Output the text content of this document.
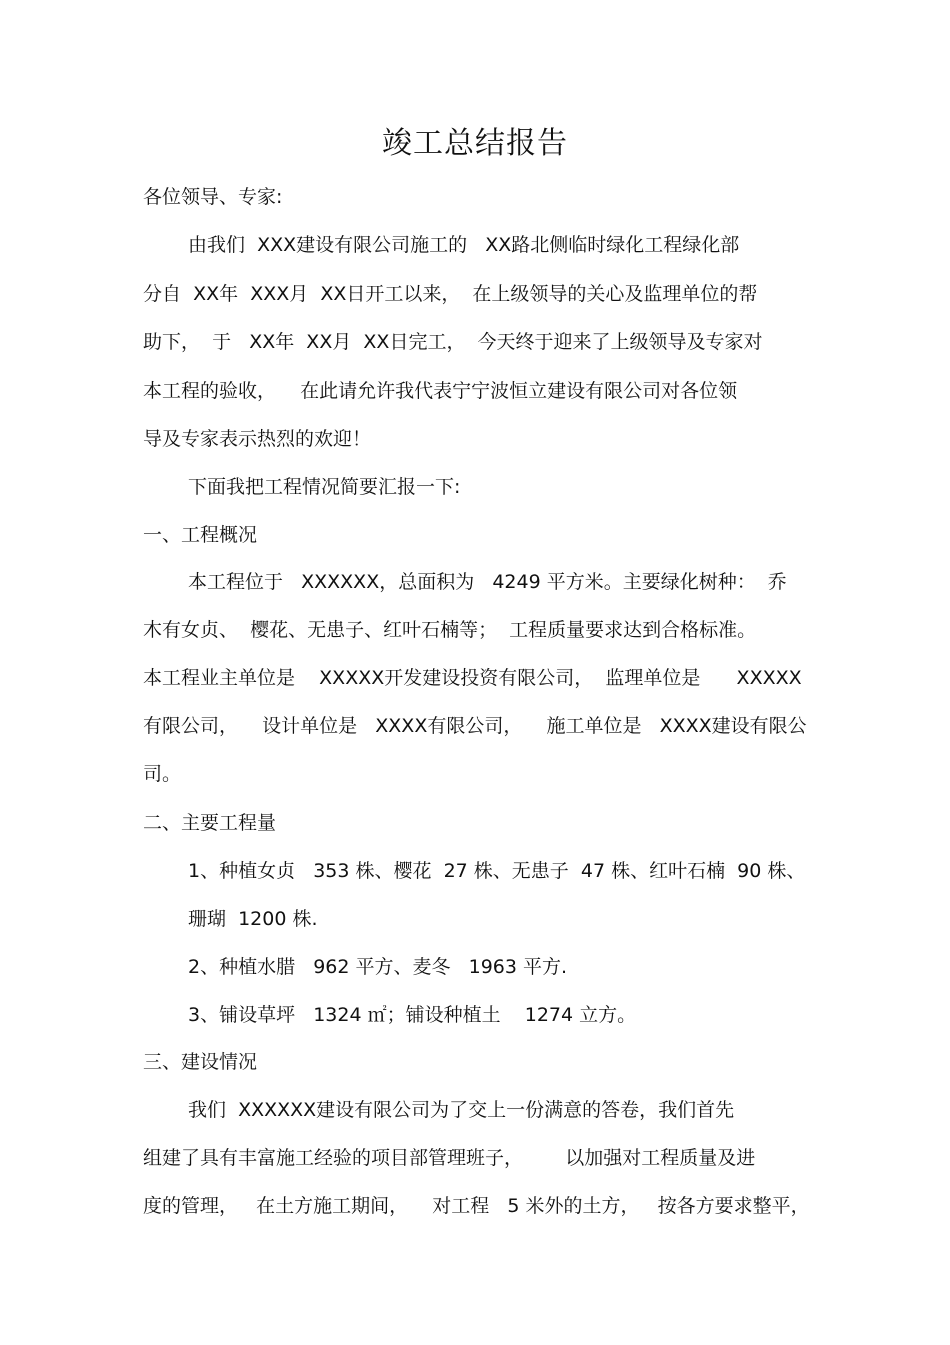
竣工总结报告
各位领导、专家:
由我们  XXX建设有限公司施工的   XX路北侧临时绿化工程绿化部
分自  XX年  XXX月  XX日开工以来，  在上级领导的关心及监理单位的帮
助下，  于   XX年  XX月  XX日完工，  今天终于迎来了上级领导及专家对
本工程的验收，    在此请允许我代表宁宁波恒立建设有限公司对各位领
导及专家表示热烈的欢迎！
下面我把工程情况简要汇报一下:
一、工程概况
本工程位于   XXXXXX，总面积为   4249 平方米。主要绿化树种：  乔
木有女贞、  樱花、无患子、红叶石楠等；  工程质量要求达到合格标准。
本工程业主单位是    XXXXX开发建设投资有限公司，  监理单位是      XXXXX
有限公司，    设计单位是   XXXX有限公司，    施工单位是   XXXX建设有限公
司。
二、主要工程量
1、种植女贞   353 株、樱花  27 株、无患子  47 株、红叶石楠  90 株、
珊瑚  1200 株.
2、种植水腊   962 平方、麦冬   1963 平方.
3、铺设草坪   1324 ㎡；铺设种植土    1274 立方。
三、建设情况
我们  XXXXXX建设有限公司为了交上一份满意的答卷，我们首先
组建了具有丰富施工经验的项目部管理班子，       以加强对工程质量及进
度的管理，   在土方施工期间，    对工程   5 米外的土方，   按各方要求整平，
